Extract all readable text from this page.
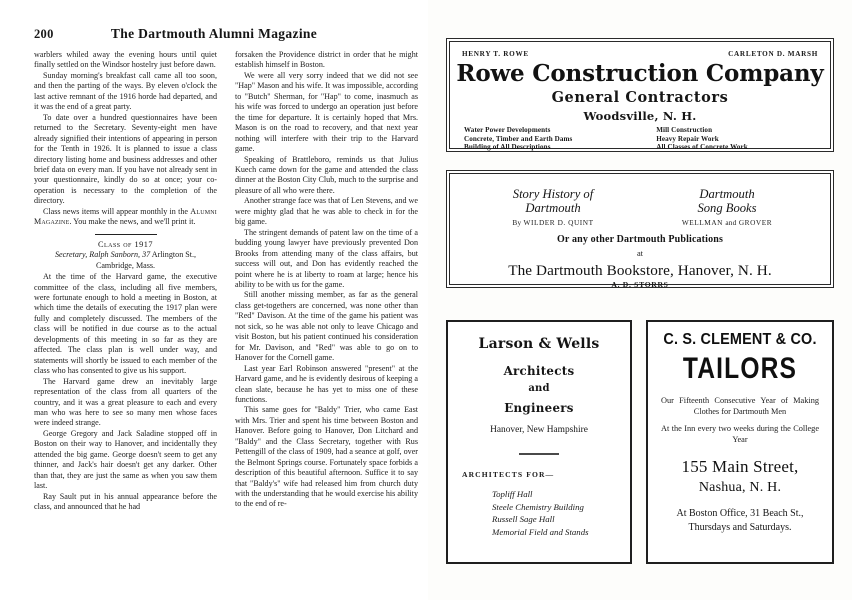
200	The Dartmouth Alumni Magazine

warblers whiled away the evening hours until quiet finally settled on the Windsor hostelry just before dawn.

Sunday morning's breakfast call came all too soon, and then the parting of the ways. By eleven o'clock the last active remnant of the 1916 horde had departed, and it was the end of a great party.

To date over a hundred questionnaires have been returned to the Secretary. Seventy-eight men have already signified their intentions of appearing in person for the Tenth in 1926. It is planned to issue a class directory listing home and business addresses and other brief data on every man. If you have not already sent in your questionnaire, kindly do so at once; your co-operation is necessary to the completion of the directory.

Class news items will appear monthly in the Alumni Magazine. You make the news, and we'll print it.

Class of 1917
Secretary, Ralph Sanborn, 37 Arlington St.,
Cambridge, Mass.

At the time of the Harvard game, the executive committee of the class, including all five members, were fortunate enough to hold a meeting in Boston, at which time the details of executing the 1917 plan were fully and completely discussed. The members of the class will be notified in due course as to the actual developments of this meeting in so far as they are affected. The class plan is well under way, and statements will shortly be issued to each member of the class who has consented to give us his support.

The Harvard game drew an inevitably large representation of the class from all quarters of the country, and it was a great pleasure to each and every man who was here to see so many men whose faces were indeed strange.

George Gregory and Jack Saladine stopped off in Boston on their way to Hanover, and incidentally they attended the big game. George doesn't seem to get any thinner, and Jack's hair doesn't get any darker. Other than that, they are just the same as when you saw them last.

Ray Sault put in his annual appearance before the class, and announced that he had

forsaken the Providence district in order that he might establish himself in Boston.

We were all very sorry indeed that we did not see "Hap" Mason and his wife. It was impossible, according to "Butch" Sherman, for "Hap" to come, inasmuch as his wife was forced to undergo an operation just before the time for departure. It is certainly hoped that Mrs. Mason is on the road to recovery, and that next year nothing will interfere with their trip to the Harvard game.

Speaking of Brattleboro, reminds us that Julius Kuech came down for the game and attended the class dinner at the Boston City Club, much to the surprise and pleasure of all who were there.

Another strange face was that of Len Stevens, and we were mighty glad that he was able to check in for the big game.

The stringent demands of patent law on the time of a budding young lawyer have previously prevented Don Brooks from attending many of the class affairs, but success will out, and Don has evidently reached the point where he is at liberty to roam at large; hence his ability to be with us for the game.

Still another missing member, as far as the general class get-togethers are concerned, was none other than "Red" Davison. At the time of the game his patient was not sick, so he was able not only to leave Chicago and visit Boston, but his patient continued his consideration for Mr. Davison, and "Red" was able to go on to Hanover for the Cornell game.

Last year Earl Robinson answered "present" at the Harvard game, and he is evidently desirous of keeping a clean slate, because he has yet to miss one of these functions.

This same goes for "Baldy" Trier, who came East with Mrs. Trier and spent his time between Boston and Hanover. Before going to Hanover, Don Litchard and "Baldy" and the Class Secretary, together with Rus Pettengill of the class of 1909, had a seance at golf, over the Belmont Springs course. Fortunately space forbids a description of this beautiful afternoon. Suffice it to say that "Baldy's" wife had released him from church duty with the understanding that he would exercise his ability to the end of re-

HENRY T. ROWE	CARLETON D. MARSH
Rowe Construction Company
General Contractors
Woodsville, N. H.
Water Power Developments
Concrete, Timber and Earth Dams
Building of All Descriptions
Mill Construction
Heavy Repair Work
All Classes of Concrete Work
Story History of
Dartmouth
By WILDER D. QUINT
Dartmouth
Song Books
WELLMAN and GROVER
Or any other Dartmouth Publications
at
The Dartmouth Bookstore, Hanover, N. H.
A. D. STORRS
Larson & Wells
Architects
and
Engineers
Hanover, New Hampshire
ARCHITECTS FOR—
Topliff Hall
Steele Chemistry Building
Russell Sage Hall
Memorial Field and Stands
C. S. CLEMENT & CO.
TAILORS
Our Fifteenth Consecutive Year of Making Clothes for Dartmouth Men
At the Inn every two weeks during the College Year
155 Main Street,
Nashua, N. H.
At Boston Office, 31 Beach St.,
Thursdays and Saturdays.
